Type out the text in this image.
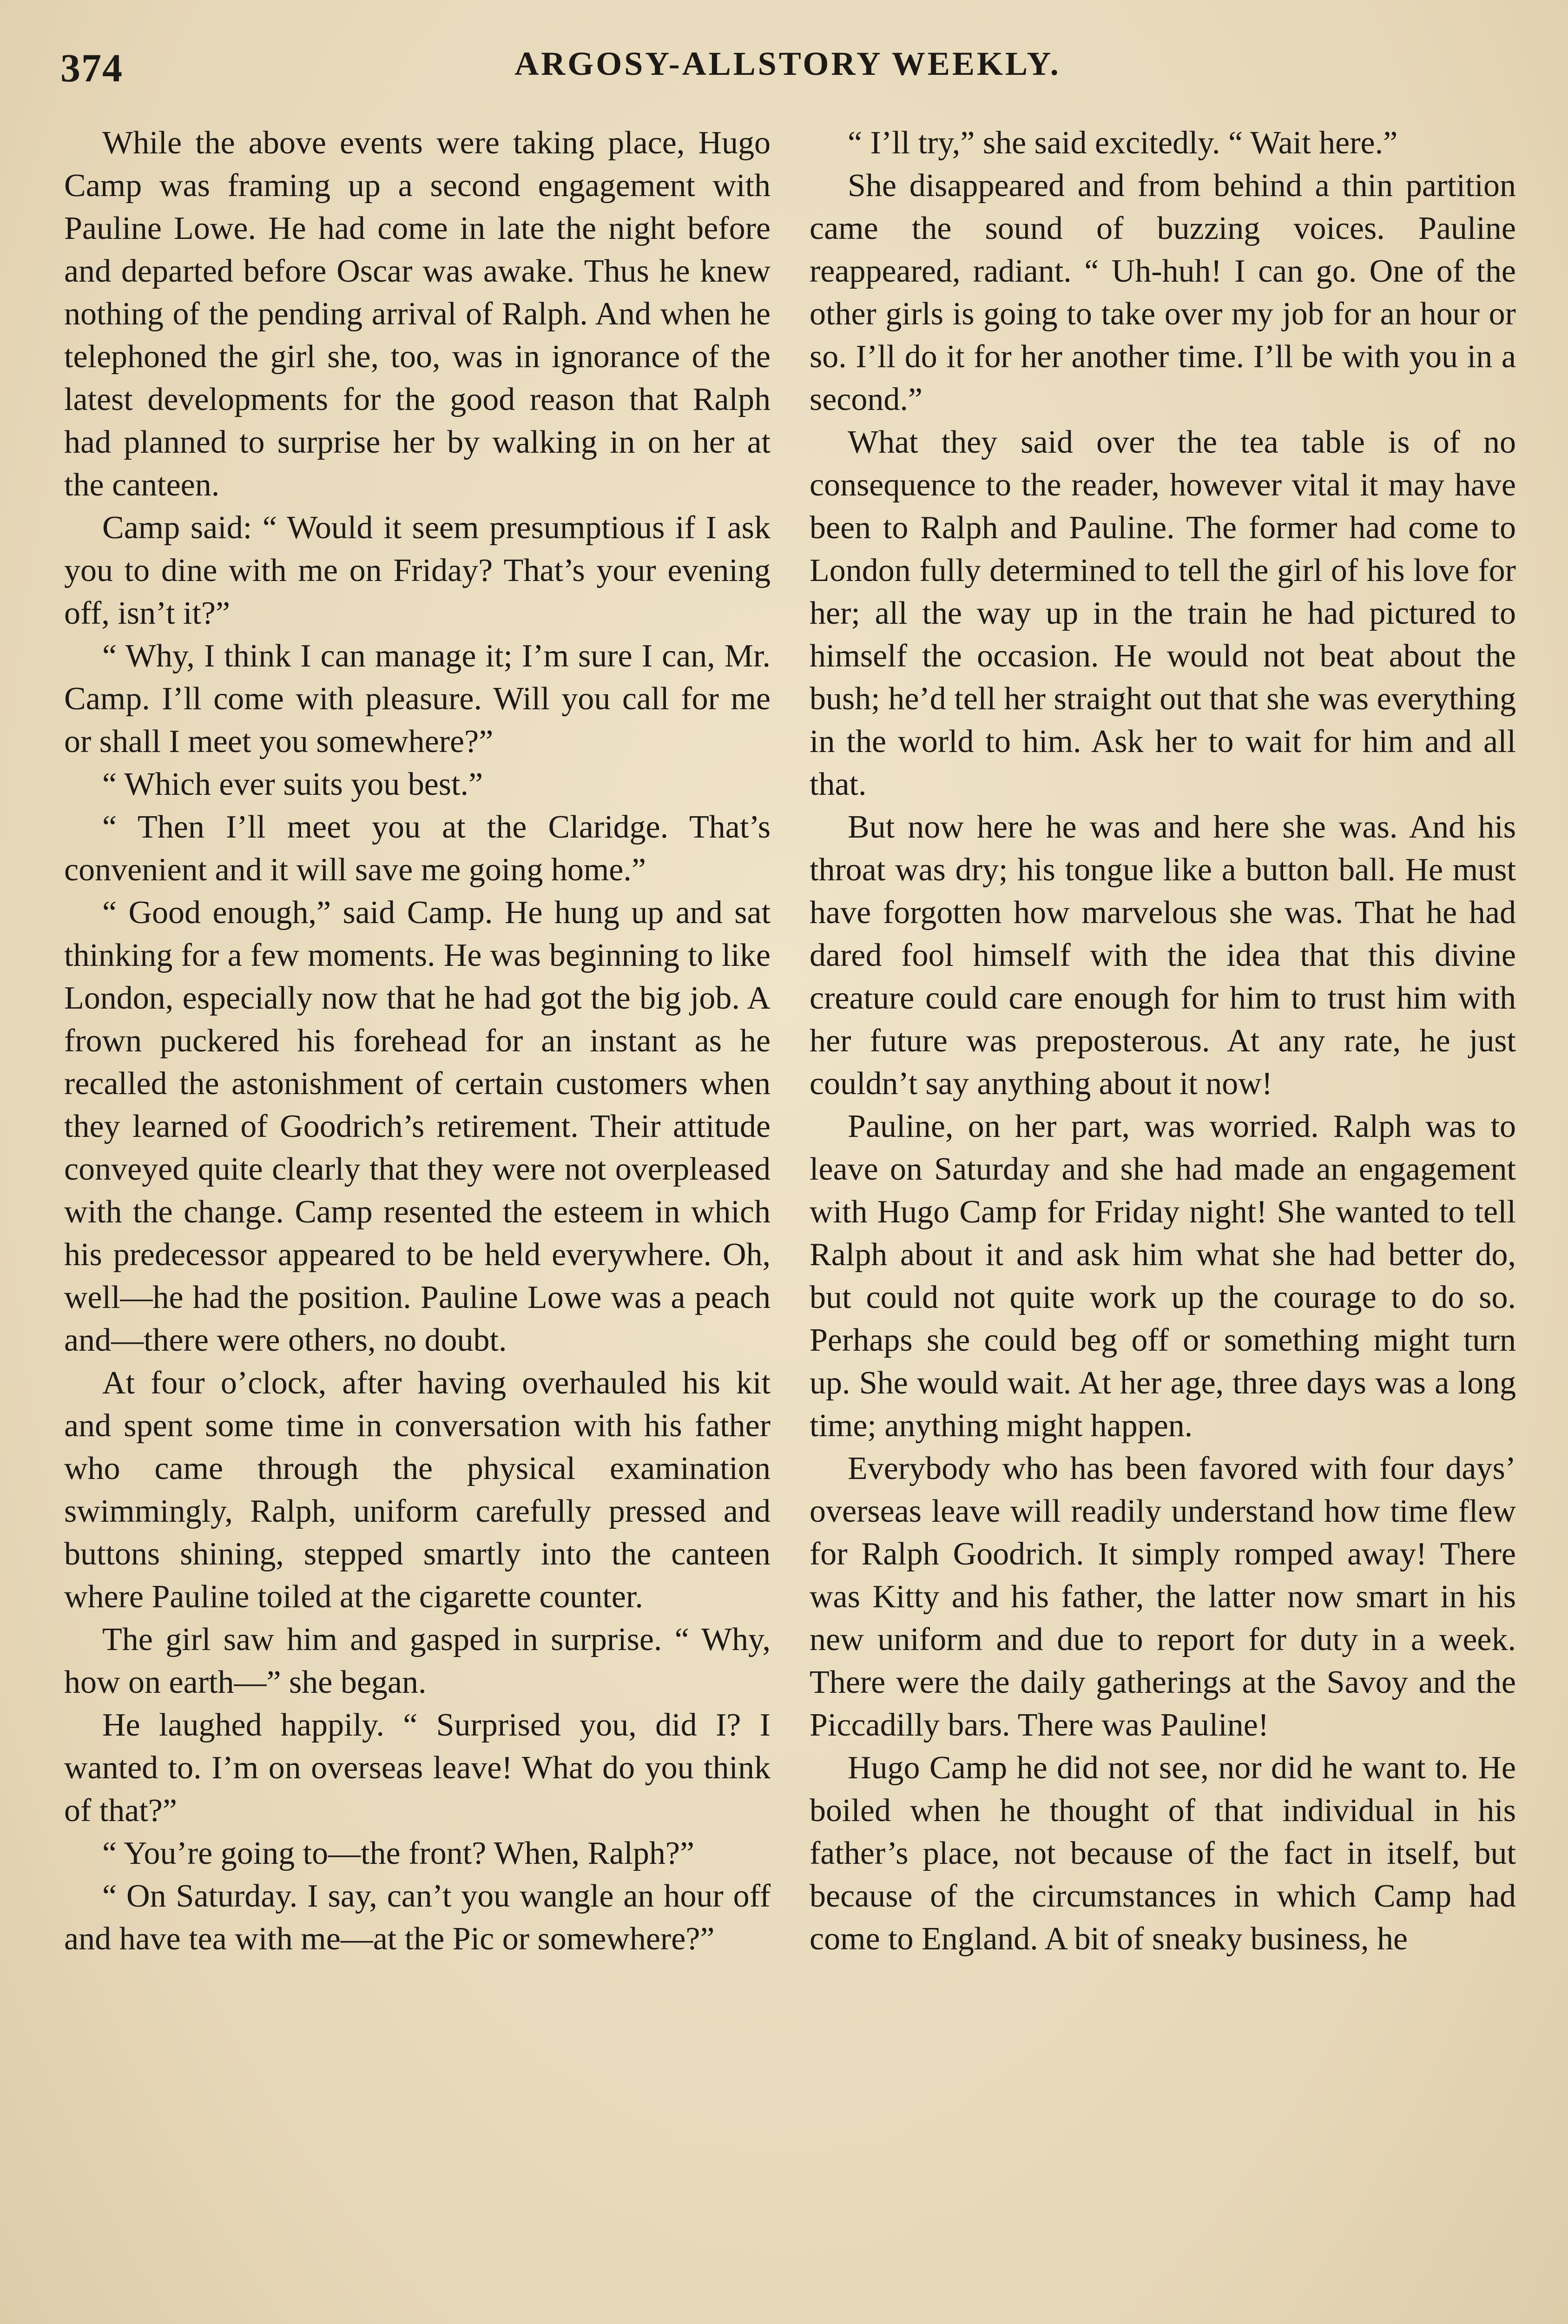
374	ARGOSY-ALLSTORY WEEKLY.

While the above events were taking place, Hugo Camp was framing up a second engagement with Pauline Lowe. He had come in late the night before and departed before Oscar was awake. Thus he knew nothing of the pending arrival of Ralph. And when he telephoned the girl she, too, was in ignorance of the latest developments for the good reason that Ralph had planned to surprise her by walking in on her at the canteen.

Camp said: “ Would it seem presumptious if I ask you to dine with me on Friday? That’s your evening off, isn’t it?”

“ Why, I think I can manage it; I’m sure I can, Mr. Camp. I’ll come with pleasure. Will you call for me or shall I meet you somewhere?”

“ Which ever suits you best.”

“ Then I’ll meet you at the Claridge. That’s convenient and it will save me going home.”

“ Good enough,” said Camp. He hung up and sat thinking for a few moments. He was beginning to like London, especially now that he had got the big job. A frown puckered his forehead for an instant as he recalled the astonishment of certain customers when they learned of Goodrich’s retirement. Their attitude conveyed quite clearly that they were not overpleased with the change. Camp resented the esteem in which his predecessor appeared to be held everywhere. Oh, well—he had the position. Pauline Lowe was a peach and—there were others, no doubt.

At four o’clock, after having overhauled his kit and spent some time in conversation with his father who came through the physical examination swimmingly, Ralph, uniform carefully pressed and buttons shining, stepped smartly into the canteen where Pauline toiled at the cigarette counter.

The girl saw him and gasped in surprise. “ Why, how on earth—” she began.

He laughed happily. “ Surprised you, did I? I wanted to. I’m on overseas leave! What do you think of that?”

“ You’re going to—the front? When, Ralph?”

“ On Saturday. I say, can’t you wangle an hour off and have tea with me—at the Pic or somewhere?”

“ I’ll try,” she said excitedly. “ Wait here.”

She disappeared and from behind a thin partition came the sound of buzzing voices. Pauline reappeared, radiant. “ Uh-huh! I can go. One of the other girls is going to take over my job for an hour or so. I’ll do it for her another time. I’ll be with you in a second.”

What they said over the tea table is of no consequence to the reader, however vital it may have been to Ralph and Pauline. The former had come to London fully determined to tell the girl of his love for her; all the way up in the train he had pictured to himself the occasion. He would not beat about the bush; he’d tell her straight out that she was everything in the world to him. Ask her to wait for him and all that.

But now here he was and here she was. And his throat was dry; his tongue like a button ball. He must have forgotten how marvelous she was. That he had dared fool himself with the idea that this divine creature could care enough for him to trust him with her future was preposterous. At any rate, he just couldn’t say anything about it now!

Pauline, on her part, was worried. Ralph was to leave on Saturday and she had made an engagement with Hugo Camp for Friday night! She wanted to tell Ralph about it and ask him what she had better do, but could not quite work up the courage to do so. Perhaps she could beg off or something might turn up. She would wait. At her age, three days was a long time; anything might happen.

Everybody who has been favored with four days’ overseas leave will readily understand how time flew for Ralph Goodrich. It simply romped away! There was Kitty and his father, the latter now smart in his new uniform and due to report for duty in a week. There were the daily gatherings at the Savoy and the Piccadilly bars. There was Pauline!

Hugo Camp he did not see, nor did he want to. He boiled when he thought of that individual in his father’s place, not because of the fact in itself, but because of the circumstances in which Camp had come to England. A bit of sneaky business, he
